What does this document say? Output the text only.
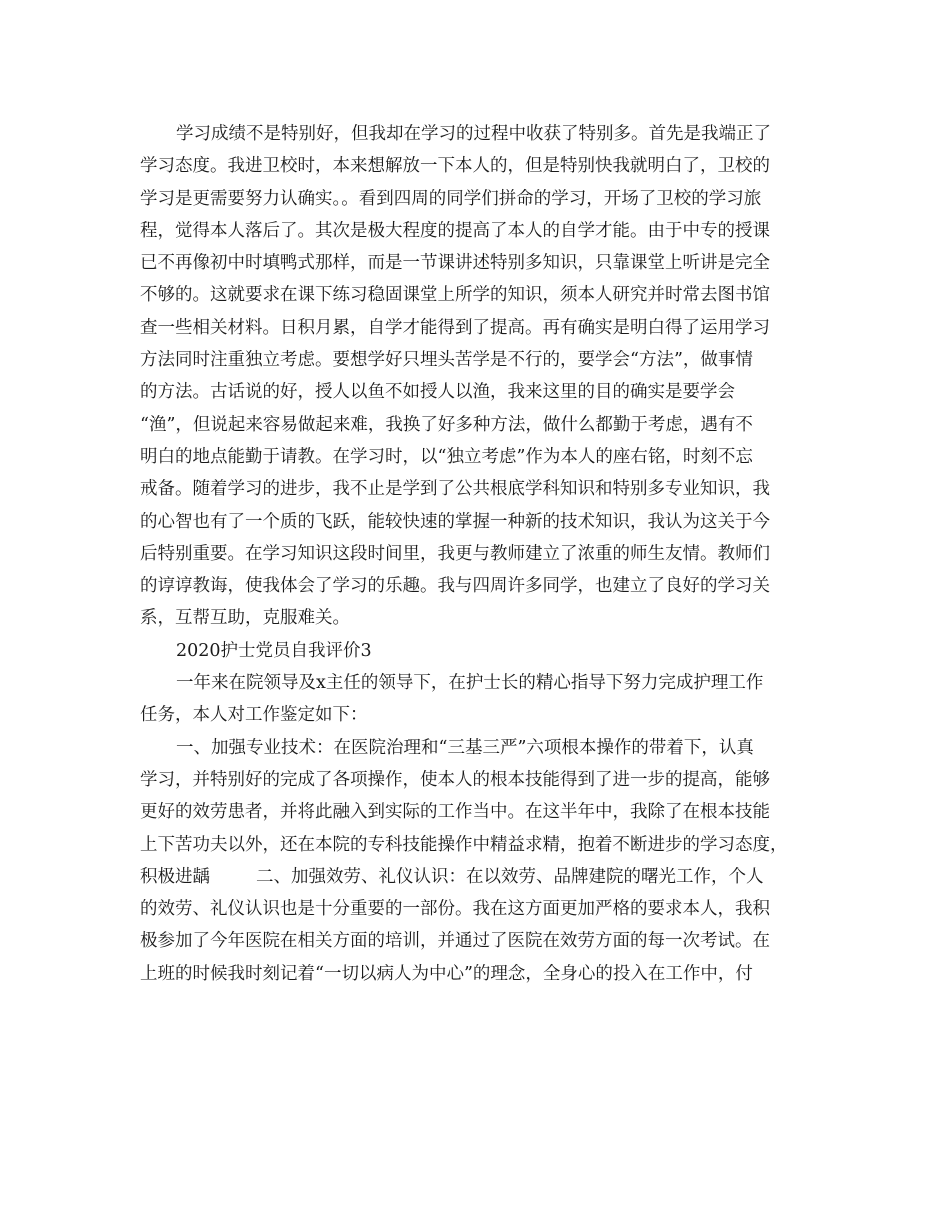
学习成绩不是特别好，但我却在学习的过程中收获了特别多。首先是我端正了
学习态度。我进卫校时，本来想解放一下本人的，但是特别快我就明白了，卫校的
学习是更需要努力认确实。。看到四周的同学们拼命的学习，开场了卫校的学习旅
程，觉得本人落后了。其次是极大程度的提高了本人的自学才能。由于中专的授课
已不再像初中时填鸭式那样，而是一节课讲述特别多知识，只靠课堂上听讲是完全
不够的。这就要求在课下练习稳固课堂上所学的知识，须本人研究并时常去图书馆
查一些相关材料。日积月累，自学才能得到了提高。再有确实是明白得了运用学习
方法同时注重独立考虑。要想学好只埋头苦学是不行的，要学会“方法”，做事情
的方法。古话说的好，授人以鱼不如授人以渔，我来这里的目的确实是要学会
“渔”，但说起来容易做起来难，我换了好多种方法，做什么都勤于考虑，遇有不
明白的地点能勤于请教。在学习时，以“独立考虑”作为本人的座右铭，时刻不忘
戒备。随着学习的进步，我不止是学到了公共根底学科知识和特别多专业知识，我
的心智也有了一个质的飞跃，能较快速的掌握一种新的技术知识，我认为这关于今
后特别重要。在学习知识这段时间里，我更与教师建立了浓重的师生友情。教师们
的谆谆教诲，使我体会了学习的乐趣。我与四周许多同学，也建立了良好的学习关
系，互帮互助，克服难关。
2020护士党员自我评价3
一年来在院领导及x主任的领导下，在护士长的精心指导下努力完成护理工作
任务，本人对工作鉴定如下：
一、加强专业技术：在医院治理和“三基三严”六项根本操作的带着下，认真
学习，并特别好的完成了各项操作，使本人的根本技能得到了进一步的提高，能够
更好的效劳患者，并将此融入到实际的工作当中。在这半年中，我除了在根本技能
上下苦功夫以外，还在本院的专科技能操作中精益求精，抱着不断进步的学习态度，
积极进龋	二、加强效劳、礼仪认识：在以效劳、品牌建院的曙光工作，个人
的效劳、礼仪认识也是十分重要的一部份。我在这方面更加严格的要求本人，我积
极参加了今年医院在相关方面的培训，并通过了医院在效劳方面的每一次考试。在
上班的时候我时刻记着“一切以病人为中心”的理念，全身心的投入在工作中，付
